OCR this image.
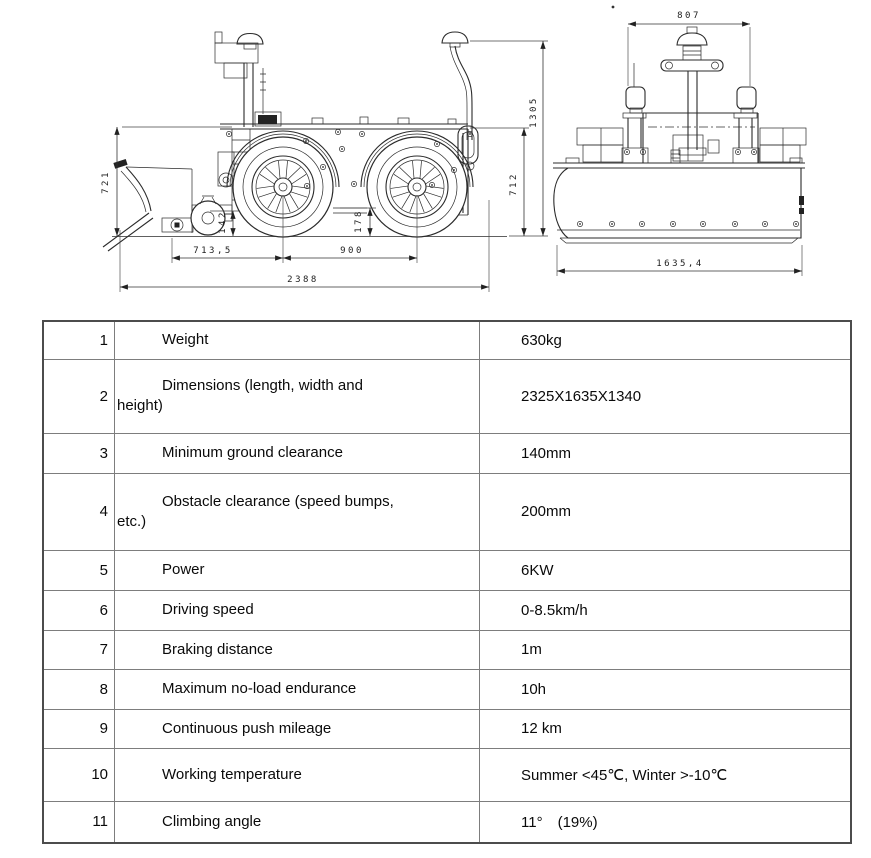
721
142	178
712
1305
713,5	900
2388
807
1635,4
1	Weight	630kg
2	Dimensions (length, width and
height)	2325X1635X1340
3	Minimum ground clearance	140mm
4	Obstacle clearance (speed bumps,
etc.)	200mm
5	Power	6KW
6	Driving speed	0-8.5km/h
7	Braking distance	1m
8	Maximum no-load endurance	10h
9	Continuous push mileage	12 km
10	Working temperature	Summer <45℃, Winter >-10℃
11	Climbing angle	11°　(19%)
